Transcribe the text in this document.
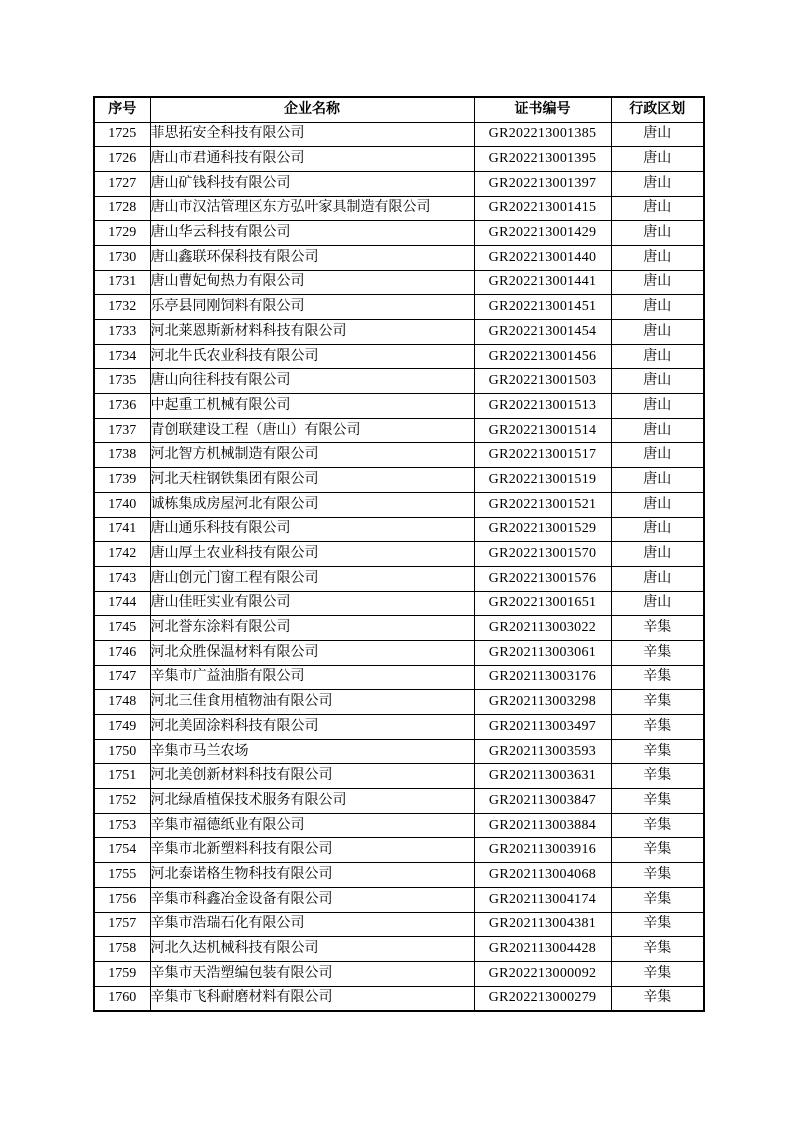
序号	企业名称	证书编号	行政区划
1725	菲思拓安全科技有限公司	GR202213001385	唐山
1726	唐山市君通科技有限公司	GR202213001395	唐山
1727	唐山矿钱科技有限公司	GR202213001397	唐山
1728	唐山市汉沽管理区东方弘叶家具制造有限公司	GR202213001415	唐山
1729	唐山华云科技有限公司	GR202213001429	唐山
1730	唐山鑫联环保科技有限公司	GR202213001440	唐山
1731	唐山曹妃甸热力有限公司	GR202213001441	唐山
1732	乐亭县同刚饲料有限公司	GR202213001451	唐山
1733	河北莱恩斯新材料科技有限公司	GR202213001454	唐山
1734	河北牛氏农业科技有限公司	GR202213001456	唐山
1735	唐山向往科技有限公司	GR202213001503	唐山
1736	中起重工机械有限公司	GR202213001513	唐山
1737	青创联建设工程（唐山）有限公司	GR202213001514	唐山
1738	河北智方机械制造有限公司	GR202213001517	唐山
1739	河北天柱钢铁集团有限公司	GR202213001519	唐山
1740	诚栋集成房屋河北有限公司	GR202213001521	唐山
1741	唐山通乐科技有限公司	GR202213001529	唐山
1742	唐山厚土农业科技有限公司	GR202213001570	唐山
1743	唐山创元门窗工程有限公司	GR202213001576	唐山
1744	唐山佳旺实业有限公司	GR202213001651	唐山
1745	河北誉东涂料有限公司	GR202113003022	辛集
1746	河北众胜保温材料有限公司	GR202113003061	辛集
1747	辛集市广益油脂有限公司	GR202113003176	辛集
1748	河北三佳食用植物油有限公司	GR202113003298	辛集
1749	河北美固涂料科技有限公司	GR202113003497	辛集
1750	辛集市马兰农场	GR202113003593	辛集
1751	河北美创新材料科技有限公司	GR202113003631	辛集
1752	河北绿盾植保技术服务有限公司	GR202113003847	辛集
1753	辛集市福德纸业有限公司	GR202113003884	辛集
1754	辛集市北新塑料科技有限公司	GR202113003916	辛集
1755	河北泰诺格生物科技有限公司	GR202113004068	辛集
1756	辛集市科鑫冶金设备有限公司	GR202113004174	辛集
1757	辛集市浩瑞石化有限公司	GR202113004381	辛集
1758	河北久达机械科技有限公司	GR202113004428	辛集
1759	辛集市天浩塑编包装有限公司	GR202213000092	辛集
1760	辛集市飞科耐磨材料有限公司	GR202213000279	辛集
